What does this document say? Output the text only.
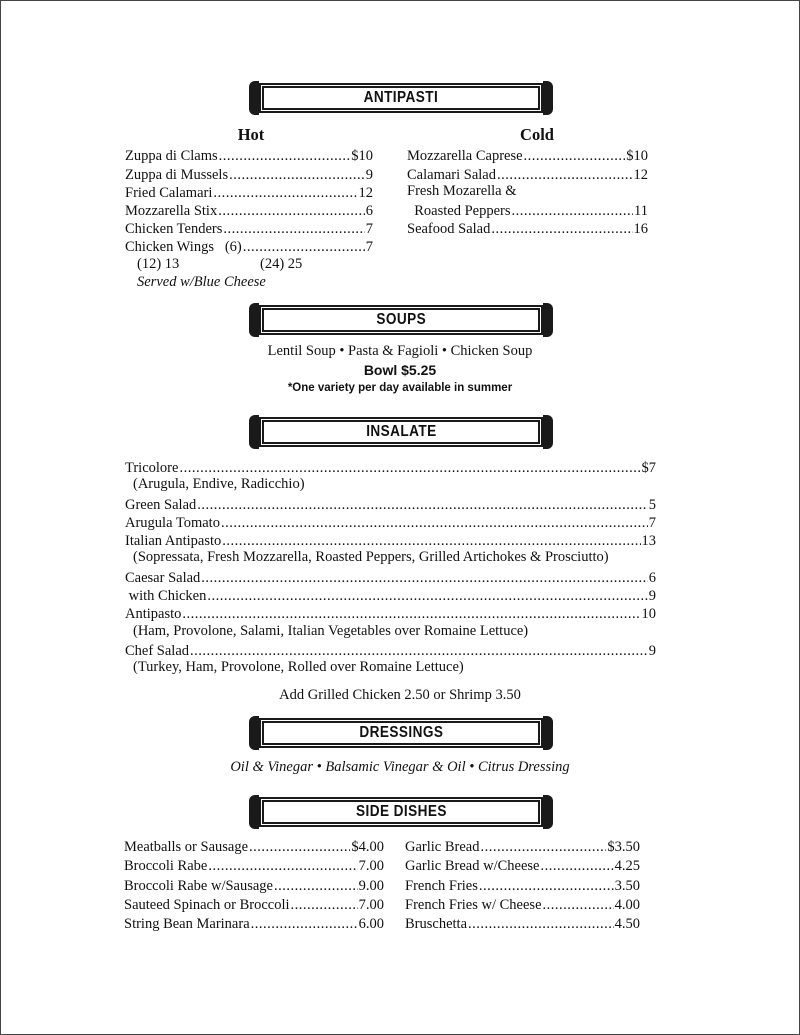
ANTIPASTI
Hot	Cold
Zuppa di Clams .....	$10
Zuppa di Mussels .....	9
Fried Calamari .....	12
Mozzarella Stix .....	6
Chicken Tenders .....	7
Chicken Wings   (6) .....	7
(12) 13	(24) 25
Served w/Blue Cheese
Mozzarella Caprese .....	$10
Calamari Salad .....	12
Fresh Mozarella &
Roasted Peppers .....	11
Seafood Salad .....	16
SOUPS
Lentil Soup • Pasta & Fagioli • Chicken Soup
Bowl $5.25
*One variety per day available in summer
INSALATE
Tricolore .....	$7
(Arugula, Endive, Radicchio)
Green Salad .....	5
Arugula Tomato .....	7
Italian Antipasto .....	13
(Sopressata, Fresh Mozzarella, Roasted Peppers, Grilled Artichokes & Prosciutto)
Caesar Salad .....	6
with Chicken .....	9
Antipasto .....	10
(Ham, Provolone, Salami, Italian Vegetables over Romaine Lettuce)
Chef Salad .....	9
(Turkey, Ham, Provolone, Rolled over Romaine Lettuce)
Add Grilled Chicken 2.50 or Shrimp 3.50
DRESSINGS
Oil & Vinegar • Balsamic Vinegar & Oil • Citrus Dressing
SIDE DISHES
Meatballs or Sausage .....	$4.00
Broccoli Rabe .....	7.00
Broccoli Rabe w/Sausage .....	9.00
Sauteed Spinach or Broccoli .....	7.00
String Bean Marinara .....	6.00
Garlic Bread .....	$3.50
Garlic Bread w/Cheese .....	4.25
French Fries .....	3.50
French Fries w/ Cheese .....	4.00
Bruschetta .....	4.50
